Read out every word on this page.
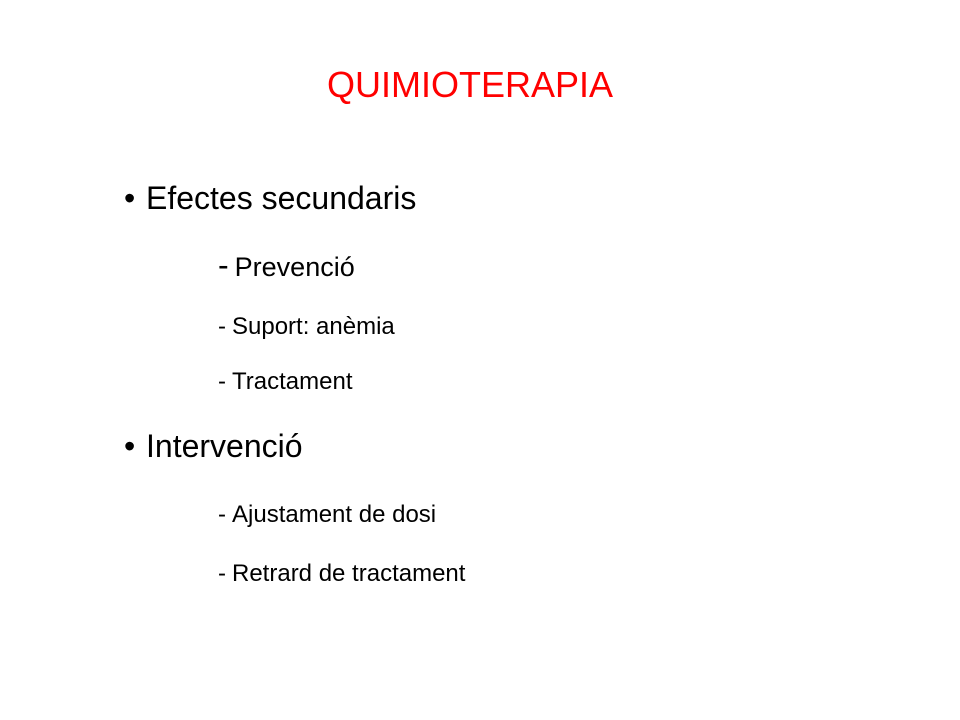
QUIMIOTERAPIA
• Efectes secundaris
- Prevenció
- Suport: anèmia
- Tractament
• Intervenció
- Ajustament de dosi
- Retrard de tractament
